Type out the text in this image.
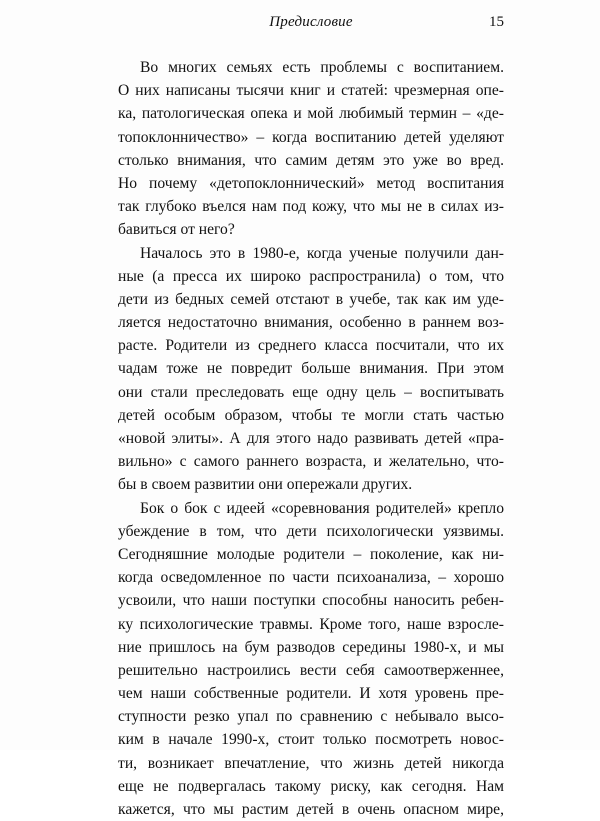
Предисловие	15
Во многих семьях есть проблемы с воспитанием.
О них написаны тысячи книг и статей: чрезмерная опе-
ка, патологическая опека и мой любимый термин – «де-
топоклонничество» – когда воспитанию детей уделяют
столько внимания, что самим детям это уже во вред.
Но почему «детопоклоннический» метод воспитания
так глубоко въелся нам под кожу, что мы не в силах из-
бавиться от него?
Началось это в 1980-е, когда ученые получили дан-
ные (а пресса их широко распространила) о том, что
дети из бедных семей отстают в учебе, так как им уде-
ляется недостаточно внимания, особенно в раннем воз-
расте. Родители из среднего класса посчитали, что их
чадам тоже не повредит больше внимания. При этом
они стали преследовать еще одну цель – воспитывать
детей особым образом, чтобы те могли стать частью
«новой элиты». А для этого надо развивать детей «пра-
вильно» с самого раннего возраста, и желательно, что-
бы в своем развитии они опережали других.
Бок о бок с идеей «соревнования родителей» крепло
убеждение в том, что дети психологически уязвимы.
Сегодняшние молодые родители – поколение, как ни-
когда осведомленное по части психоанализа, – хорошо
усвоили, что наши поступки способны наносить ребен-
ку психологические травмы. Кроме того, наше взросле-
ние пришлось на бум разводов середины 1980-х, и мы
решительно настроились вести себя самоотверженнее,
чем наши собственные родители. И хотя уровень пре-
ступности резко упал по сравнению с небывало высо-
ким в начале 1990-х, стоит только посмотреть новос-
ти, возникает впечатление, что жизнь детей никогда
еще не подвергалась такому риску, как сегодня. Нам
кажется, что мы растим детей в очень опасном мире,
